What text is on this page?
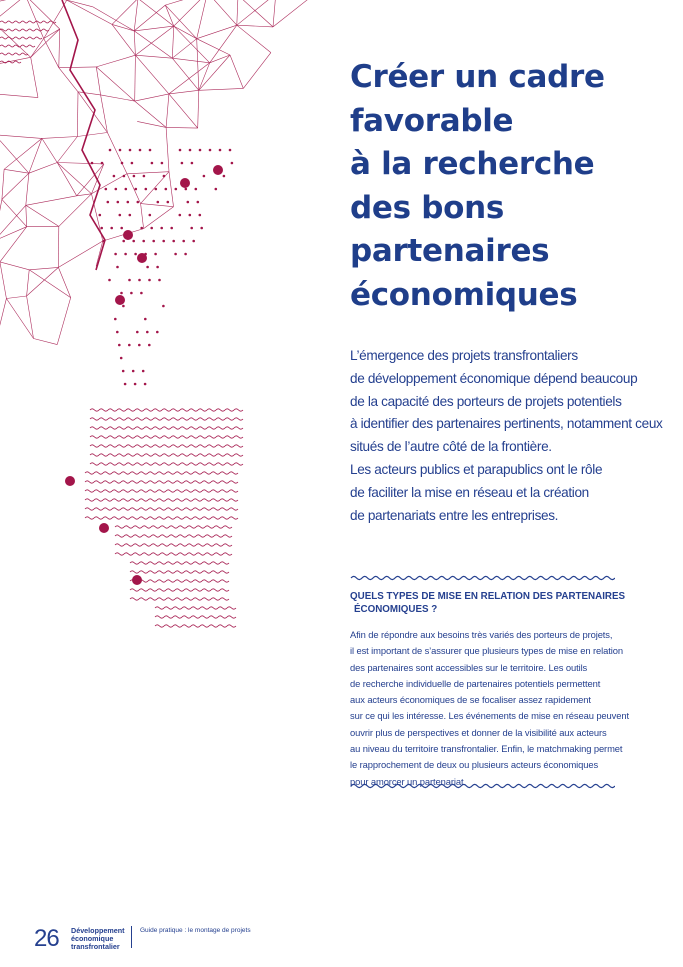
Créer un cadre
favorable
à la recherche
des bons
partenaires
économiques

L’émergence des projets transfrontaliers
de développement économique dépend beaucoup
de la capacité des porteurs de projets potentiels
à identifier des partenaires pertinents, notamment ceux
situés de l’autre côté de la frontière.
Les acteurs publics et parapublics ont le rôle
de faciliter la mise en réseau et la création
de partenariats entre les entreprises.

QUELS TYPES DE MISE EN RELATION DES PARTENAIRES
ÉCONOMIQUES ?

Afin de répondre aux besoins très variés des porteurs de projets,
il est important de s’assurer que plusieurs types de mise en relation
des partenaires sont accessibles sur le territoire. Les outils
de recherche individuelle de partenaires potentiels permettent
aux acteurs économiques de se focaliser assez rapidement
sur ce qui les intéresse. Les événements de mise en réseau peuvent
ouvrir plus de perspectives et donner de la visibilité aux acteurs
au niveau du territoire transfrontalier. Enfin, le matchmaking permet
le rapprochement de deux ou plusieurs acteurs économiques
pour amorcer un partenariat.

26 Développement
économique
transfrontalier
Guide pratique : le montage de projets
